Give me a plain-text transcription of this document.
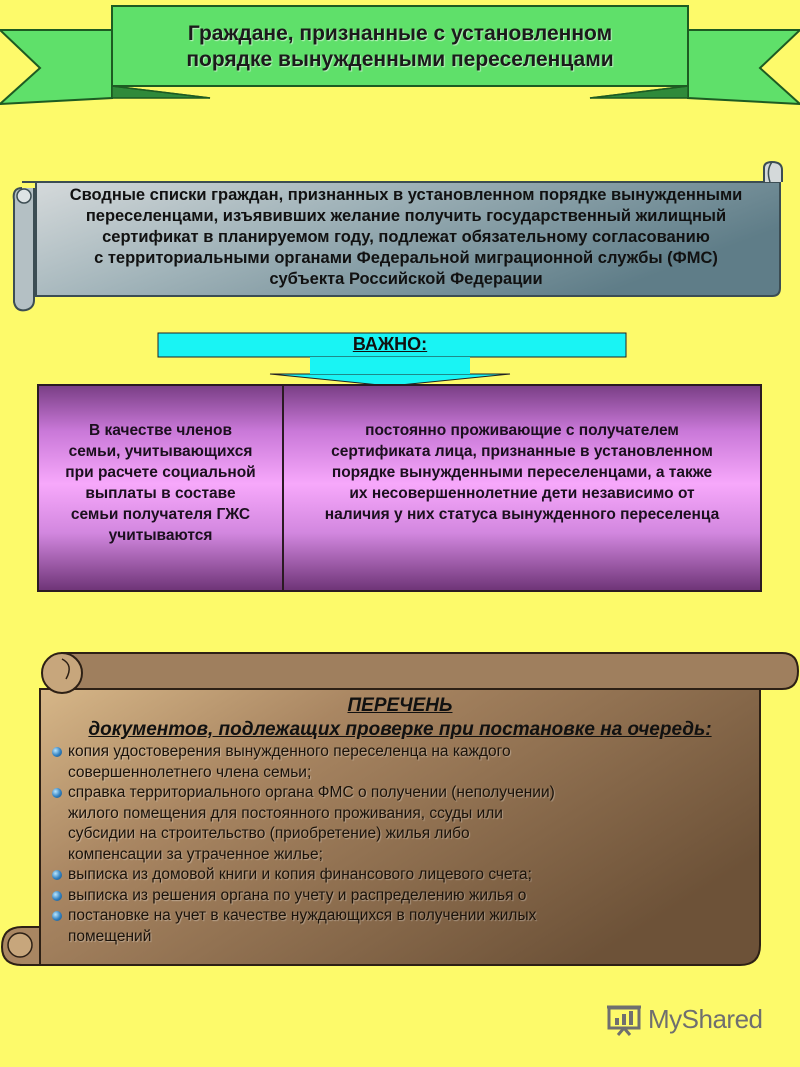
Граждане, признанные с установленном
порядке вынужденными переселенцами
Сводные списки граждан, признанных в установленном порядке вынужденными
переселенцами, изъявивших желание получить государственный жилищный
сертификат в планируемом году, подлежат обязательному согласованию
с территориальными органами Федеральной миграционной службы (ФМС)
субъекта Российской Федерации
ВАЖНО:
В качестве членов
семьи, учитывающихся
при расчете социальной
выплаты в составе
семьи получателя ГЖС
учитываются
постоянно проживающие с получателем
сертификата лица, признанные в установленном
порядке вынужденными переселенцами, а также
их несовершеннолетние дети независимо от
наличия у них статуса вынужденного переселенца
ПЕРЕЧЕНЬ
документов, подлежащих проверке при постановке на очередь:
копия удостоверения вынужденного переселенца на каждого
совершеннолетнего члена семьи;
справка территориального органа ФМС о получении (неполучении)
жилого помещения для постоянного проживания, ссуды или
субсидии на строительство (приобретение) жилья либо
компенсации за утраченное жилье;
выписка из домовой книги и копия финансового лицевого счета;
выписка из решения органа по учету и распределению жилья о
постановке на учет в качестве нуждающихся в получении жилых
помещений
MyShared
